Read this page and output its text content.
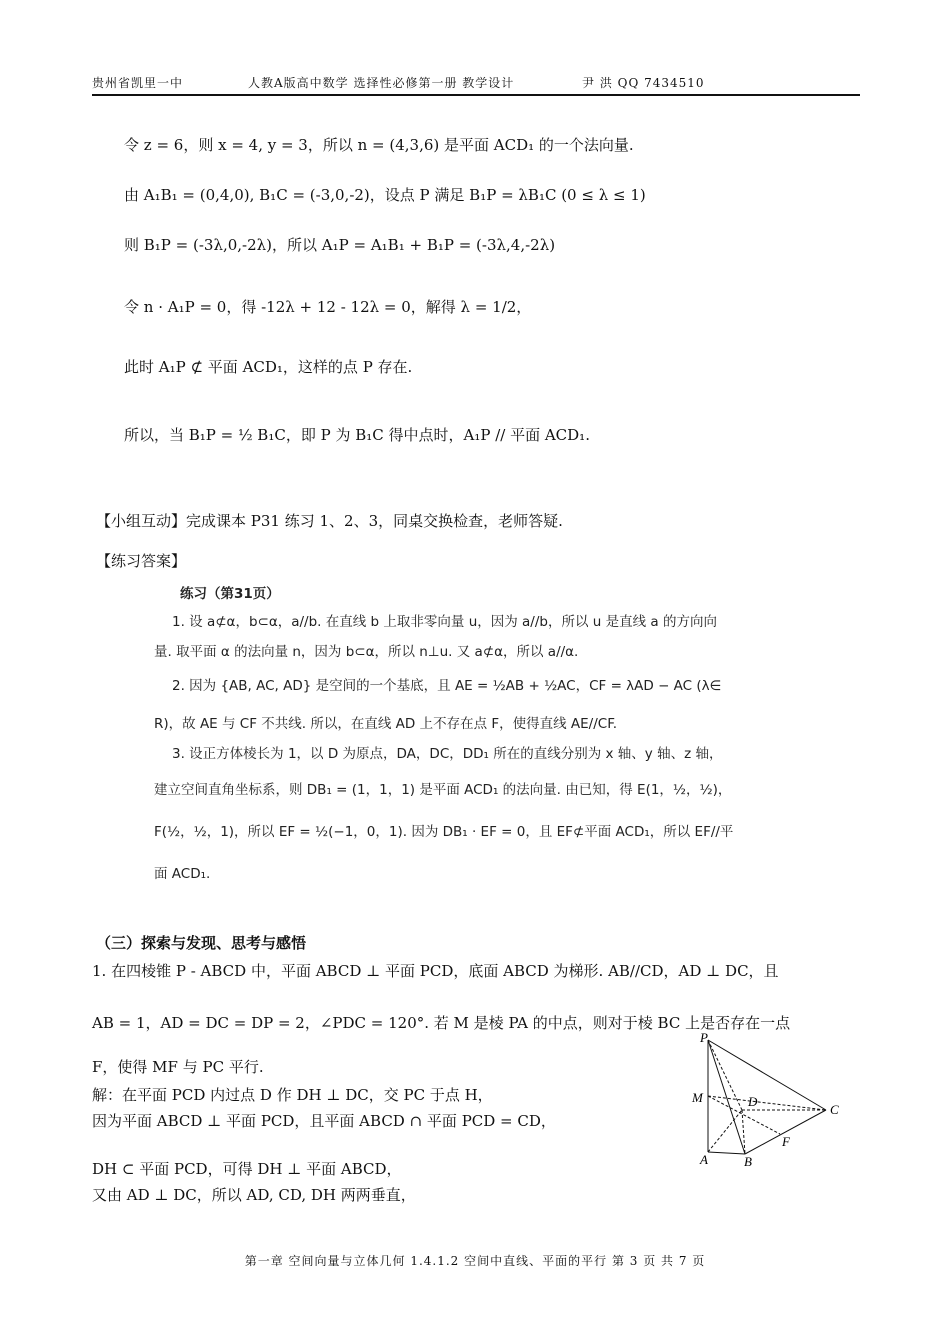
贵州省凯里一中	人教A版高中数学 选择性必修第一册 教学设计	尹 洪 QQ 7434510
令 z = 6，则 x = 4, y = 3，所以 n = (4,3,6) 是平面 ACD₁ 的一个法向量.
由 A₁B₁ = (0,4,0), B₁C = (-3,0,-2)，设点 P 满足 B₁P = λB₁C (0 ≤ λ ≤ 1)
则 B₁P = (-3λ,0,-2λ)，所以 A₁P = A₁B₁ + B₁P = (-3λ,4,-2λ)
令 n · A₁P = 0，得 -12λ + 12 - 12λ = 0，解得 λ = 1/2，
此时 A₁P ⊄ 平面 ACD₁，这样的点 P 存在.
所以，当 B₁P = ½ B₁C，即 P 为 B₁C 得中点时，A₁P // 平面 ACD₁.
【小组互动】完成课本 P31 练习 1、2、3，同桌交换检查，老师答疑.
【练习答案】
练习（第31页）
1. 设 a⊄α，b⊂α，a//b. 在直线 b 上取非零向量 u，因为 a//b，所以 u 是直线 a 的方向向
量. 取平面 α 的法向量 n，因为 b⊂α，所以 n⊥u. 又 a⊄α，所以 a//α.
2. 因为 {AB, AC, AD} 是空间的一个基底，且 AE = ½AB + ½AC，CF = λAD − AC (λ∈
R)，故 AE 与 CF 不共线. 所以，在直线 AD 上不存在点 F，使得直线 AE//CF.
3. 设正方体棱长为 1，以 D 为原点，DA，DC，DD₁ 所在的直线分别为 x 轴、y 轴、z 轴，
建立空间直角坐标系，则 DB₁ = (1，1，1) 是平面 ACD₁ 的法向量. 由已知，得 E(1，½，½)，
F(½，½，1)，所以 EF = ½(−1，0，1). 因为 DB₁ · EF = 0，且 EF⊄平面 ACD₁，所以 EF//平
面 ACD₁.
（三）探索与发现、思考与感悟
1. 在四棱锥 P - ABCD 中，平面 ABCD ⊥ 平面 PCD，底面 ABCD 为梯形. AB//CD，AD ⊥ DC，且
AB = 1，AD = DC = DP = 2，∠PDC = 120°. 若 M 是棱 PA 的中点，则对于棱 BC 上是否存在一点
F，使得 MF 与 PC 平行.
解：在平面 PCD 内过点 D 作 DH ⊥ DC，交 PC 于点 H，
因为平面 ABCD ⊥ 平面 PCD，且平面 ABCD ∩ 平面 PCD = CD，
DH ⊂ 平面 PCD，可得 DH ⊥ 平面 ABCD，
又由 AD ⊥ DC，所以 AD, CD, DH 两两垂直，
P
M	D
C
F
A	B
第一章 空间向量与立体几何 1.4.1.2 空间中直线、平面的平行 第 3 页 共 7 页
